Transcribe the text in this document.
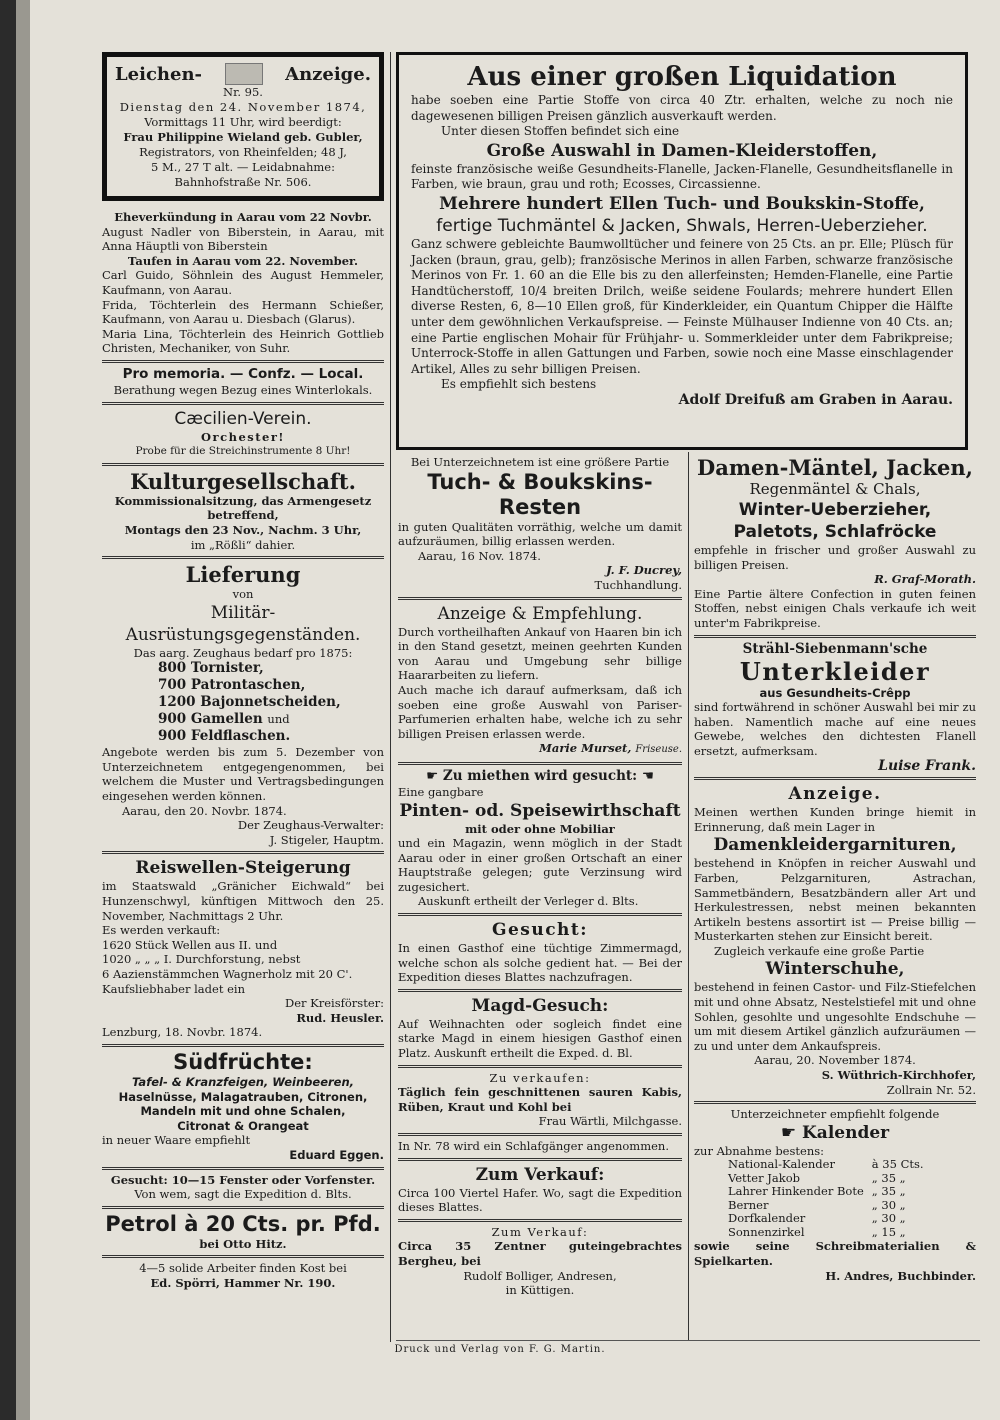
Leichen-	Anzeige.
Nr. 95.
Dienstag den 24. November 1874,
Vormittags 11 Uhr, wird beerdigt:
Frau Philippine Wieland geb. Gubler,
Registrators, von Rheinfelden; 48 J,
5 M., 27 T alt. — Leidabnahme:
Bahnhofstraße Nr. 506.
Eheverkündung in Aarau vom 22 Novbr.
August Nadler von Biberstein, in Aarau, mit Anna Häuptli von Biberstein
Taufen in Aarau vom 22. November.
Carl Guido, Söhnlein des August Hemmeler, Kaufmann, von Aarau.
Frida, Töchterlein des Hermann Schießer, Kaufmann, von Aarau u. Diesbach (Glarus).
Maria Lina, Töchterlein des Heinrich Gottlieb Christen, Mechaniker, von Suhr.
Pro memoria. — Confz. — Local.
Berathung wegen Bezug eines Winterlokals.
Cæcilien-Verein.
Orchester!
Probe für die Streichinstrumente 8 Uhr!
Kulturgesellschaft.
Kommissionalsitzung, das Armengesetz betreffend,
Montags den 23 Nov., Nachm. 3 Uhr,
im „Rößli“ dahier.
Lieferung
von
Militär-Ausrüstungsgegenständen.
Das aarg. Zeughaus bedarf pro 1875:
800 Tornister,
700 Patrontaschen,
1200 Bajonnetscheiden,
900 Gamellen und
900 Feldflaschen.
Angebote werden bis zum 5. Dezember von Unterzeichnetem entgegengenommen, bei welchem die Muster und Vertragsbedingungen eingesehen werden können.
Aarau, den 20. Novbr. 1874.
Der Zeughaus-Verwalter:
J. Stigeler, Hauptm.
Reiswellen-Steigerung
im Staatswald „Gränicher Eichwald“ bei Hunzenschwyl, künftigen Mittwoch den 25. November, Nachmittags 2 Uhr.
Es werden verkauft:
1620 Stück Wellen aus II. und
1020 „ „ „ I. Durchforstung, nebst
6 Aazienstämmchen Wagnerholz mit 20 C'.
Kaufsliebhaber ladet ein
Der Kreisförster:
Rud. Heusler.
Lenzburg, 18. Novbr. 1874.
Südfrüchte:
Tafel- & Kranzfeigen, Weinbeeren,
Haselnüsse, Malagatrauben, Citronen,
Mandeln mit und ohne Schalen,
Citronat & Orangeat
in neuer Waare empfiehlt
Eduard Eggen.
Gesucht: 10—15 Fenster oder Vorfenster.
Von wem, sagt die Expedition d. Blts.
Petrol à 20 Cts. pr. Pfd.
bei Otto Hitz.
4—5 solide Arbeiter finden Kost bei
Ed. Spörri, Hammer Nr. 190.
Aus einer großen Liquidation
habe soeben eine Partie Stoffe von circa 40 Ztr. erhalten, welche zu noch nie dagewesenen billigen Preisen gänzlich ausverkauft werden.
Unter diesen Stoffen befindet sich eine
Große Auswahl in Damen-Kleiderstoffen,
feinste französische weiße Gesundheits-Flanelle, Jacken-Flanelle, Gesundheitsflanelle in Farben, wie braun, grau und roth; Ecosses, Circassienne.
Mehrere hundert Ellen Tuch- und Boukskin-Stoffe,
fertige Tuchmäntel & Jacken, Shwals, Herren-Ueberzieher.
Ganz schwere gebleichte Baumwolltücher und feinere von 25 Cts. an pr. Elle; Plüsch für Jacken (braun, grau, gelb); französische Merinos in allen Farben, schwarze französische Merinos von Fr. 1. 60 an die Elle bis zu den allerfeinsten; Hemden-Flanelle, eine Partie Handtücherstoff, 10/4 breiten Drilch, weiße seidene Foulards; mehrere hundert Ellen diverse Resten, 6, 8—10 Ellen groß, für Kinderkleider, ein Quantum Chipper die Hälfte unter dem gewöhnlichen Verkaufspreise. — Feinste Mülhauser Indienne von 40 Cts. an; eine Partie englischen Mohair für Frühjahr- u. Sommerkleider unter dem Fabrikpreise; Unterrock-Stoffe in allen Gattungen und Farben, sowie noch eine Masse einschlagender Artikel, Alles zu sehr billigen Preisen.
Es empfiehlt sich bestens
Adolf Dreifuß am Graben in Aarau.
Bei Unterzeichnetem ist eine größere Partie
Tuch- & Boukskins-Resten
in guten Qualitäten vorräthig, welche um damit aufzuräumen, billig erlassen werden.
Aarau, 16 Nov. 1874.
J. F. Ducrey,
Tuchhandlung.
Anzeige & Empfehlung.
Durch vortheilhaften Ankauf von Haaren bin ich in den Stand gesetzt, meinen geehrten Kunden von Aarau und Umgebung sehr billige Haararbeiten zu liefern.
Auch mache ich darauf aufmerksam, daß ich soeben eine große Auswahl von Pariser-Parfumerien erhalten habe, welche ich zu sehr billigen Preisen erlassen werde.
Marie Murset, Friseuse.
☛ Zu miethen wird gesucht: ☚
Eine gangbare
Pinten- od. Speisewirthschaft
mit oder ohne Mobiliar
und ein Magazin, wenn möglich in der Stadt Aarau oder in einer großen Ortschaft an einer Hauptstraße gelegen; gute Verzinsung wird zugesichert.
Auskunft ertheilt der Verleger d. Blts.
Gesucht:
In einen Gasthof eine tüchtige Zimmermagd, welche schon als solche gedient hat. — Bei der Expedition dieses Blattes nachzufragen.
Magd-Gesuch:
Auf Weihnachten oder sogleich findet eine starke Magd in einem hiesigen Gasthof einen Platz. Auskunft ertheilt die Exped. d. Bl.
Zu verkaufen:
Täglich fein geschnittenen sauren Kabis, Rüben, Kraut und Kohl bei
Frau Wärtli, Milchgasse.
In Nr. 78 wird ein Schlafgänger angenommen.
Zum Verkauf:
Circa 100 Viertel Hafer. Wo, sagt die Expedition dieses Blattes.
Zum Verkauf:
Circa 35 Zentner guteingebrachtes Bergheu, bei
Rudolf Bolliger, Andresen,
in Küttigen.
Damen-Mäntel, Jacken,
Regenmäntel & Chals,
Winter-Ueberzieher,
Paletots, Schlafröcke
empfehle in frischer und großer Auswahl zu billigen Preisen.
R. Graf-Morath.
Eine Partie ältere Confection in guten feinen Stoffen, nebst einigen Chals verkaufe ich weit unter'm Fabrikpreise.
Strähl-Siebenmann'sche
Unterkleider
aus Gesundheits-Crêpp
sind fortwährend in schöner Auswahl bei mir zu haben. Namentlich mache auf eine neues Gewebe, welches den dichtesten Flanell ersetzt, aufmerksam.
Luise Frank.
Anzeige.
Meinen werthen Kunden bringe hiemit in Erinnerung, daß mein Lager in
Damenkleidergarnituren,
bestehend in Knöpfen in reicher Auswahl und Farben, Pelzgarnituren, Astrachan, Sammetbändern, Besatzbändern aller Art und Herkulestressen, nebst meinen bekannten Artikeln bestens assortirt ist — Preise billig — Musterkarten stehen zur Einsicht bereit.
Zugleich verkaufe eine große Partie
Winterschuhe,
bestehend in feinen Castor- und Filz-Stiefelchen mit und ohne Absatz, Nestelstiefel mit und ohne Sohlen, gesohlte und ungesohlte Endschuhe — um mit diesem Artikel gänzlich aufzuräumen — zu und unter dem Ankaufspreis.
Aarau, 20. November 1874.
S. Wüthrich-Kirchhofer,
Zollrain Nr. 52.
Unterzeichneter empfiehlt folgende
☛ Kalender
zur Abnahme bestens:
National-Kalender	à 35 Cts.
Vetter Jakob	„ 35 „
Lahrer Hinkender Bote	„ 35 „
Berner	„ 30 „
Dorfkalender	„ 30 „
Sonnenzirkel	„ 15 „
sowie seine Schreibmaterialien & Spielkarten.
H. Andres, Buchbinder.
Druck und Verlag von F. G. Martin.
